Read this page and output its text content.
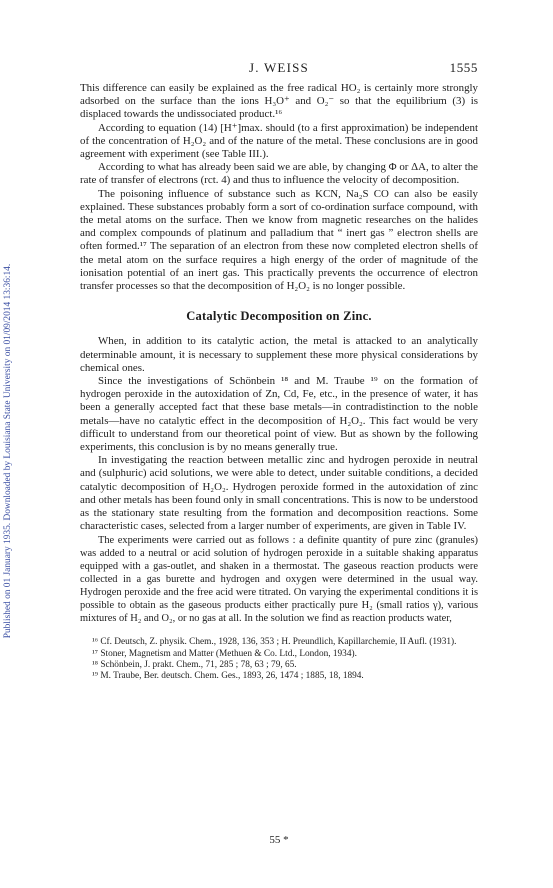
Published on 01 January 1935. Downloaded by Louisiana State University on 01/09/2014 13:36:14.
J. WEISS	1555

This difference can easily be explained as the free radical HO₂ is certainly more strongly adsorbed on the surface than the ions H₃O⁺ and O₂⁻ so that the equilibrium (3) is displaced towards the undissociated product.¹⁶

According to equation (14) [H⁺]max. should (to a first approximation) be independent of the concentration of H₂O₂ and of the nature of the metal. These conclusions are in good agreement with experiment (see Table III.).

According to what has already been said we are able, by changing Φ or ΔA, to alter the rate of transfer of electrons (rct. 4) and thus to influence the velocity of decomposition.

The poisoning influence of substance such as KCN, Na₂S CO can also be easily explained. These substances probably form a sort of co-ordination surface compound, with the metal atoms on the surface. Then we know from magnetic researches on the halides and complex compounds of platinum and palladium that “ inert gas ” electron shells are often formed.¹⁷ The separation of an electron from these now completed electron shells of the metal atom on the surface requires a high energy of the order of magnitude of the ionisation potential of an inert gas. This practically prevents the occurrence of electron transfer processes so that the decomposition of H₂O₂ is no longer possible.

Catalytic Decomposition on Zinc.

When, in addition to its catalytic action, the metal is attacked to an analytically determinable amount, it is necessary to supplement these more physical considerations by chemical ones.

Since the investigations of Schönbein ¹⁸ and M. Traube ¹⁹ on the formation of hydrogen peroxide in the autoxidation of Zn, Cd, Fe, etc., in the presence of water, it has been a generally accepted fact that these base metals—in contradistinction to the noble metals—have no catalytic effect in the decomposition of H₂O₂. This fact would be very difficult to understand from our theoretical point of view. But as shown by the following experiments, this conclusion is by no means generally true.

In investigating the reaction between metallic zinc and hydrogen peroxide in neutral and (sulphuric) acid solutions, we were able to detect, under suitable conditions, a decided catalytic decomposition of H₂O₂. Hydrogen peroxide formed in the autoxidation of zinc and other metals has been found only in small concentrations. This is now to be understood as the stationary state resulting from the formation and decomposition reactions. Some characteristic cases, selected from a larger number of experiments, are given in Table IV.

The experiments were carried out as follows : a definite quantity of pure zinc (granules) was added to a neutral or acid solution of hydrogen peroxide in a suitable shaking apparatus equipped with a gas-outlet, and shaken in a thermostat. The gaseous reaction products were collected in a gas burette and hydrogen and oxygen were determined in the usual way. Hydrogen peroxide and the free acid were titrated. On varying the experimental conditions it is possible to obtain as the gaseous products either practically pure H₂ (small ratios γ), various mixtures of H₂ and O₂, or no gas at all. In the solution we find as reaction products water,

¹⁶ Cf. Deutsch, Z. physik. Chem., 1928, 136, 353 ; H. Preundlich, Kapillarchemie, II Aufl. (1931).

¹⁷ Stoner, Magnetism and Matter (Methuen & Co. Ltd., London, 1934).

¹⁸ Schönbein, J. prakt. Chem., 71, 285 ; 78, 63 ; 79, 65.

¹⁹ M. Traube, Ber. deutsch. Chem. Ges., 1893, 26, 1474 ; 1885, 18, 1894.

55 *
